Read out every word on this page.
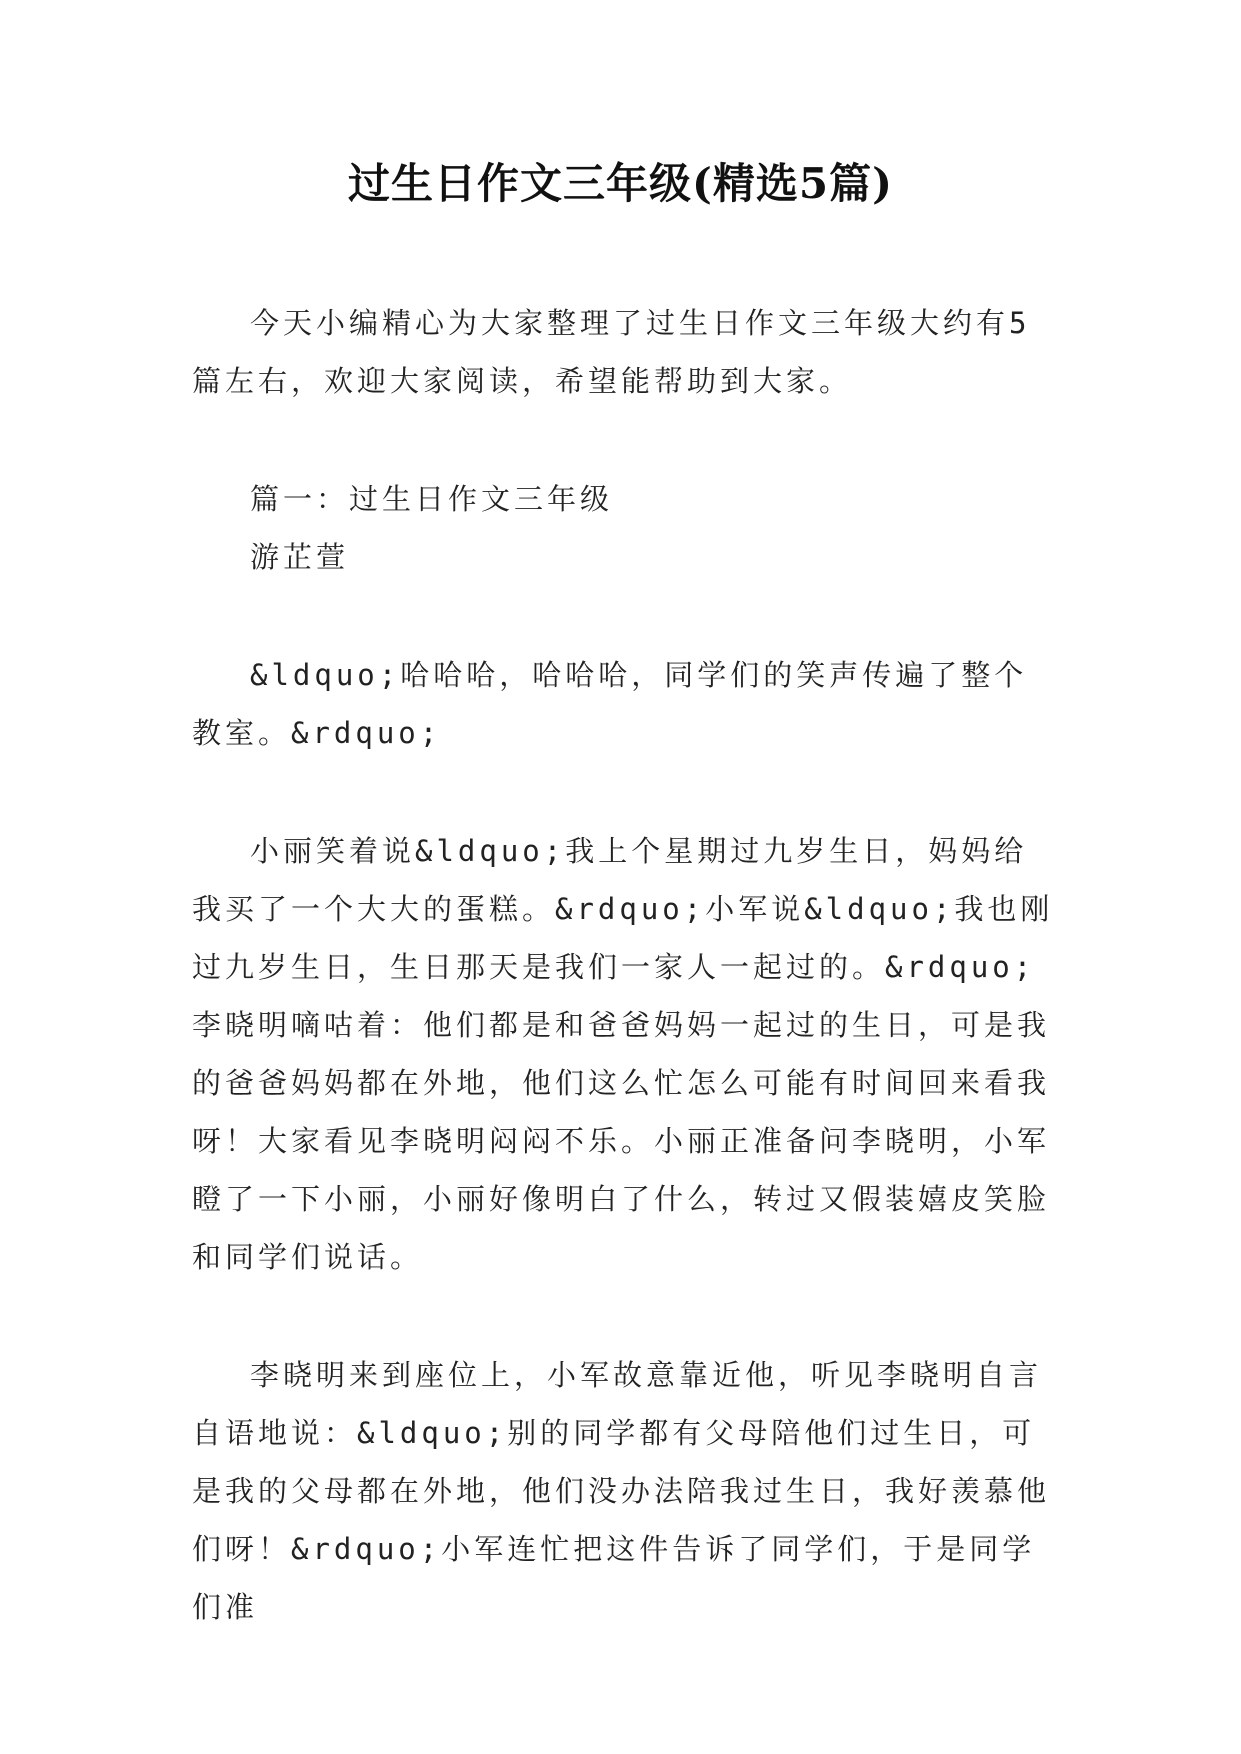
过生日作文三年级(精选5篇)

今天小编精心为大家整理了过生日作文三年级大约有5篇左右，欢迎大家阅读，希望能帮助到大家。

篇一：过生日作文三年级

游芷萱

&ldquo;哈哈哈，哈哈哈，同学们的笑声传遍了整个教室。&rdquo;

小丽笑着说&ldquo;我上个星期过九岁生日，妈妈给我买了一个大大的蛋糕。&rdquo;小军说&ldquo;我也刚过九岁生日，生日那天是我们一家人一起过的。&rdquo;李晓明嘀咕着：他们都是和爸爸妈妈一起过的生日，可是我的爸爸妈妈都在外地，他们这么忙怎么可能有时间回来看我呀！大家看见李晓明闷闷不乐。小丽正准备问李晓明，小军瞪了一下小丽，小丽好像明白了什么，转过又假装嬉皮笑脸和同学们说话。

李晓明来到座位上，小军故意靠近他，听见李晓明自言自语地说：&ldquo;别的同学都有父母陪他们过生日，可是我的父母都在外地，他们没办法陪我过生日，我好羡慕他们呀！&rdquo;小军连忙把这件告诉了同学们，于是同学们准
